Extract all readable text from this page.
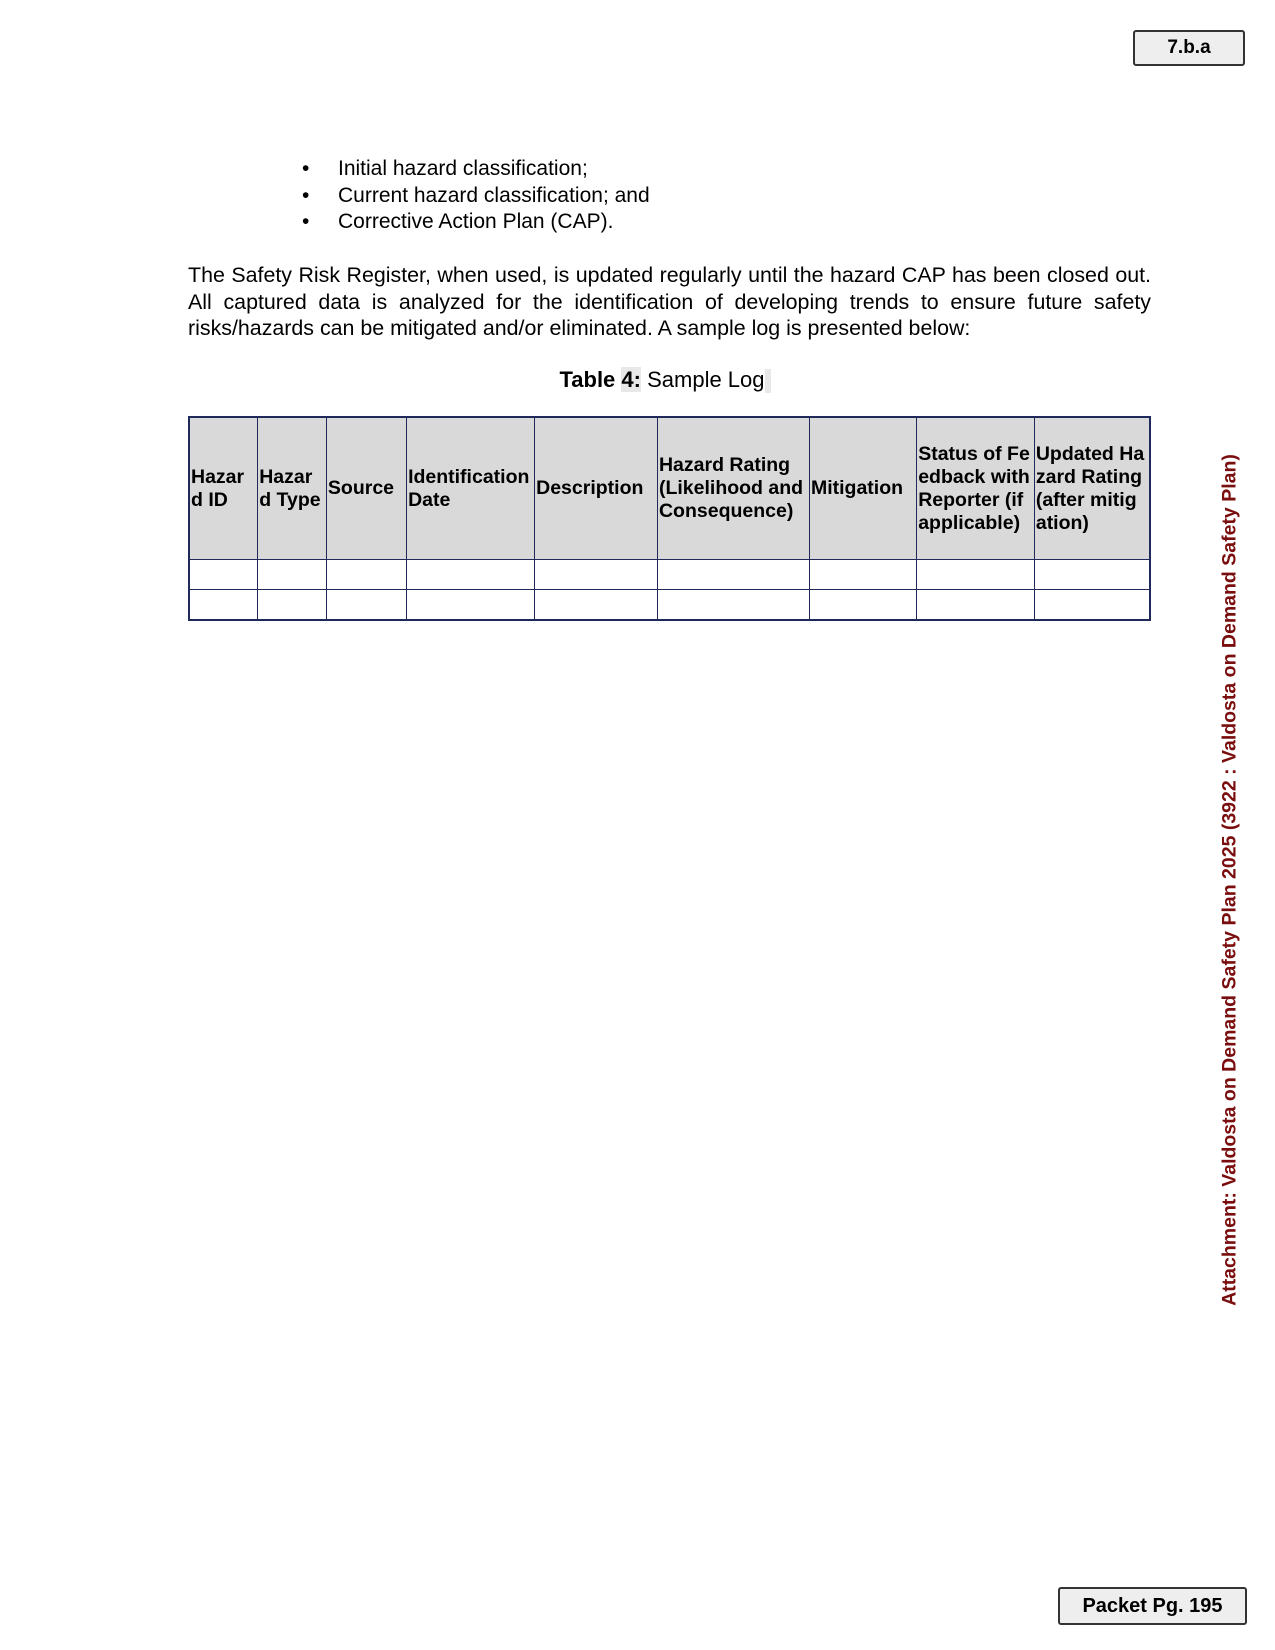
7.b.a
• Initial hazard classification;
• Current hazard classification; and
• Corrective Action Plan (CAP).

The Safety Risk Register, when used, is updated regularly until the hazard CAP has been closed out. All captured data is analyzed for the identification of developing trends to ensure future safety risks/hazards can be mitigated and/or eliminated. A sample log is presented below:

Table 4: Sample Log
Hazard ID	Hazard Type	Source	Identification Date	Description	Hazard Rating (Likelihood and Consequence)	Mitigation	Status of Feedback with Reporter (if applicable)	Updated Hazard Rating (after mitigation)

									Attachment: Valdosta on Demand Safety Plan 2025 (3922 : Valdosta on Demand Safety Plan)
Packet Pg. 195
